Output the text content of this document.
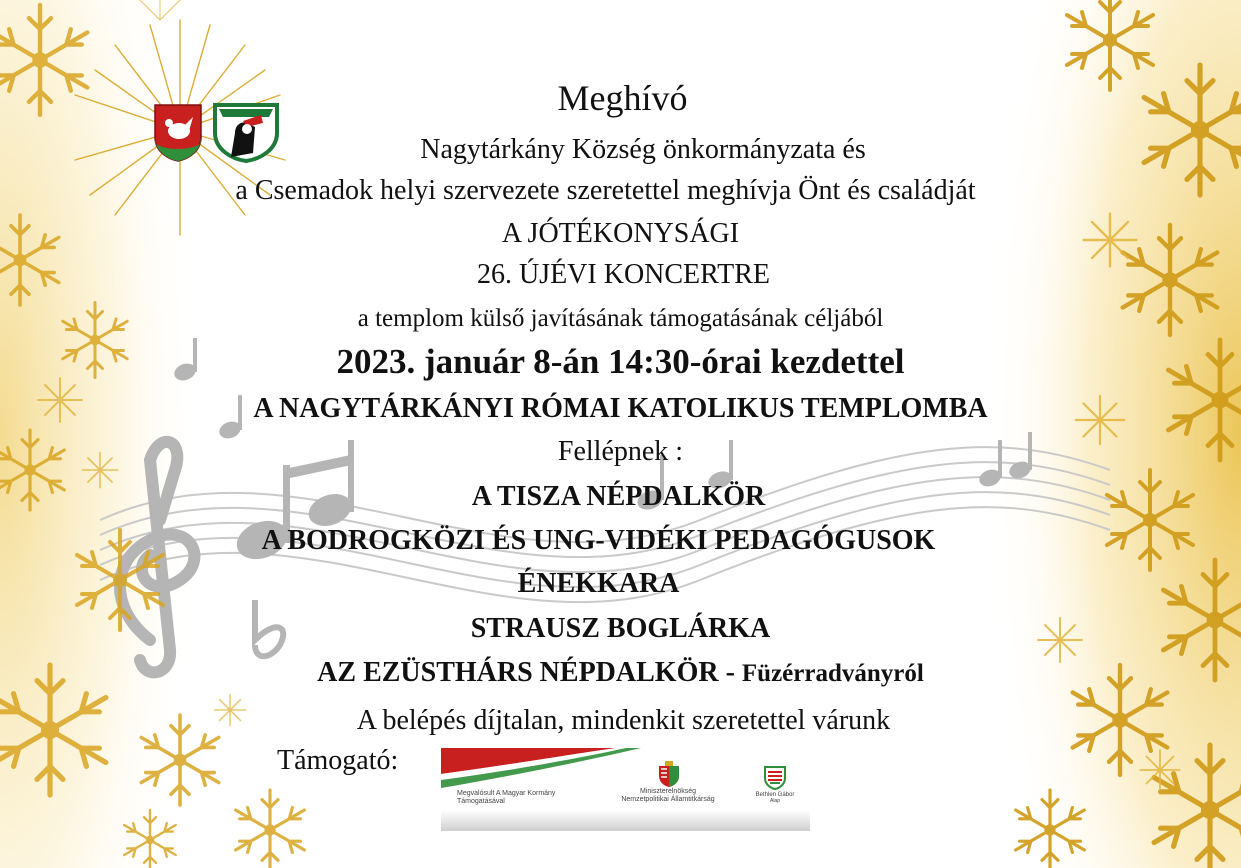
Meghívó
Nagytárkány Község önkormányzata és
a Csemadok helyi szervezete szeretettel meghívja Önt és családját
A JÓTÉKONYSÁGI
26. ÚJÉVI KONCERTRE
a templom külső javításának támogatásának céljából
2023. január 8-án 14:30-órai kezdettel
A NAGYTÁRKÁNYI RÓMAI KATOLIKUS TEMPLOMBA
Fellépnek :
A TISZA NÉPDALKÖR
A BODROGKÖZI ÉS UNG-VIDÉKI PEDAGÓGUSOK
ÉNEKKARA
STRAUSZ BOGLÁRKA
AZ EZÜSTHÁRS NÉPDALKÖR - Füzérradványról
A belépés díjtalan, mindenkit szeretettel várunk
Támogató:
Megvalósult A Magyar Kormány
Támogatásával
Miniszterelnökség
Nemzetpolitikai Államtitkárság
Bethlen Gábor
Alap
